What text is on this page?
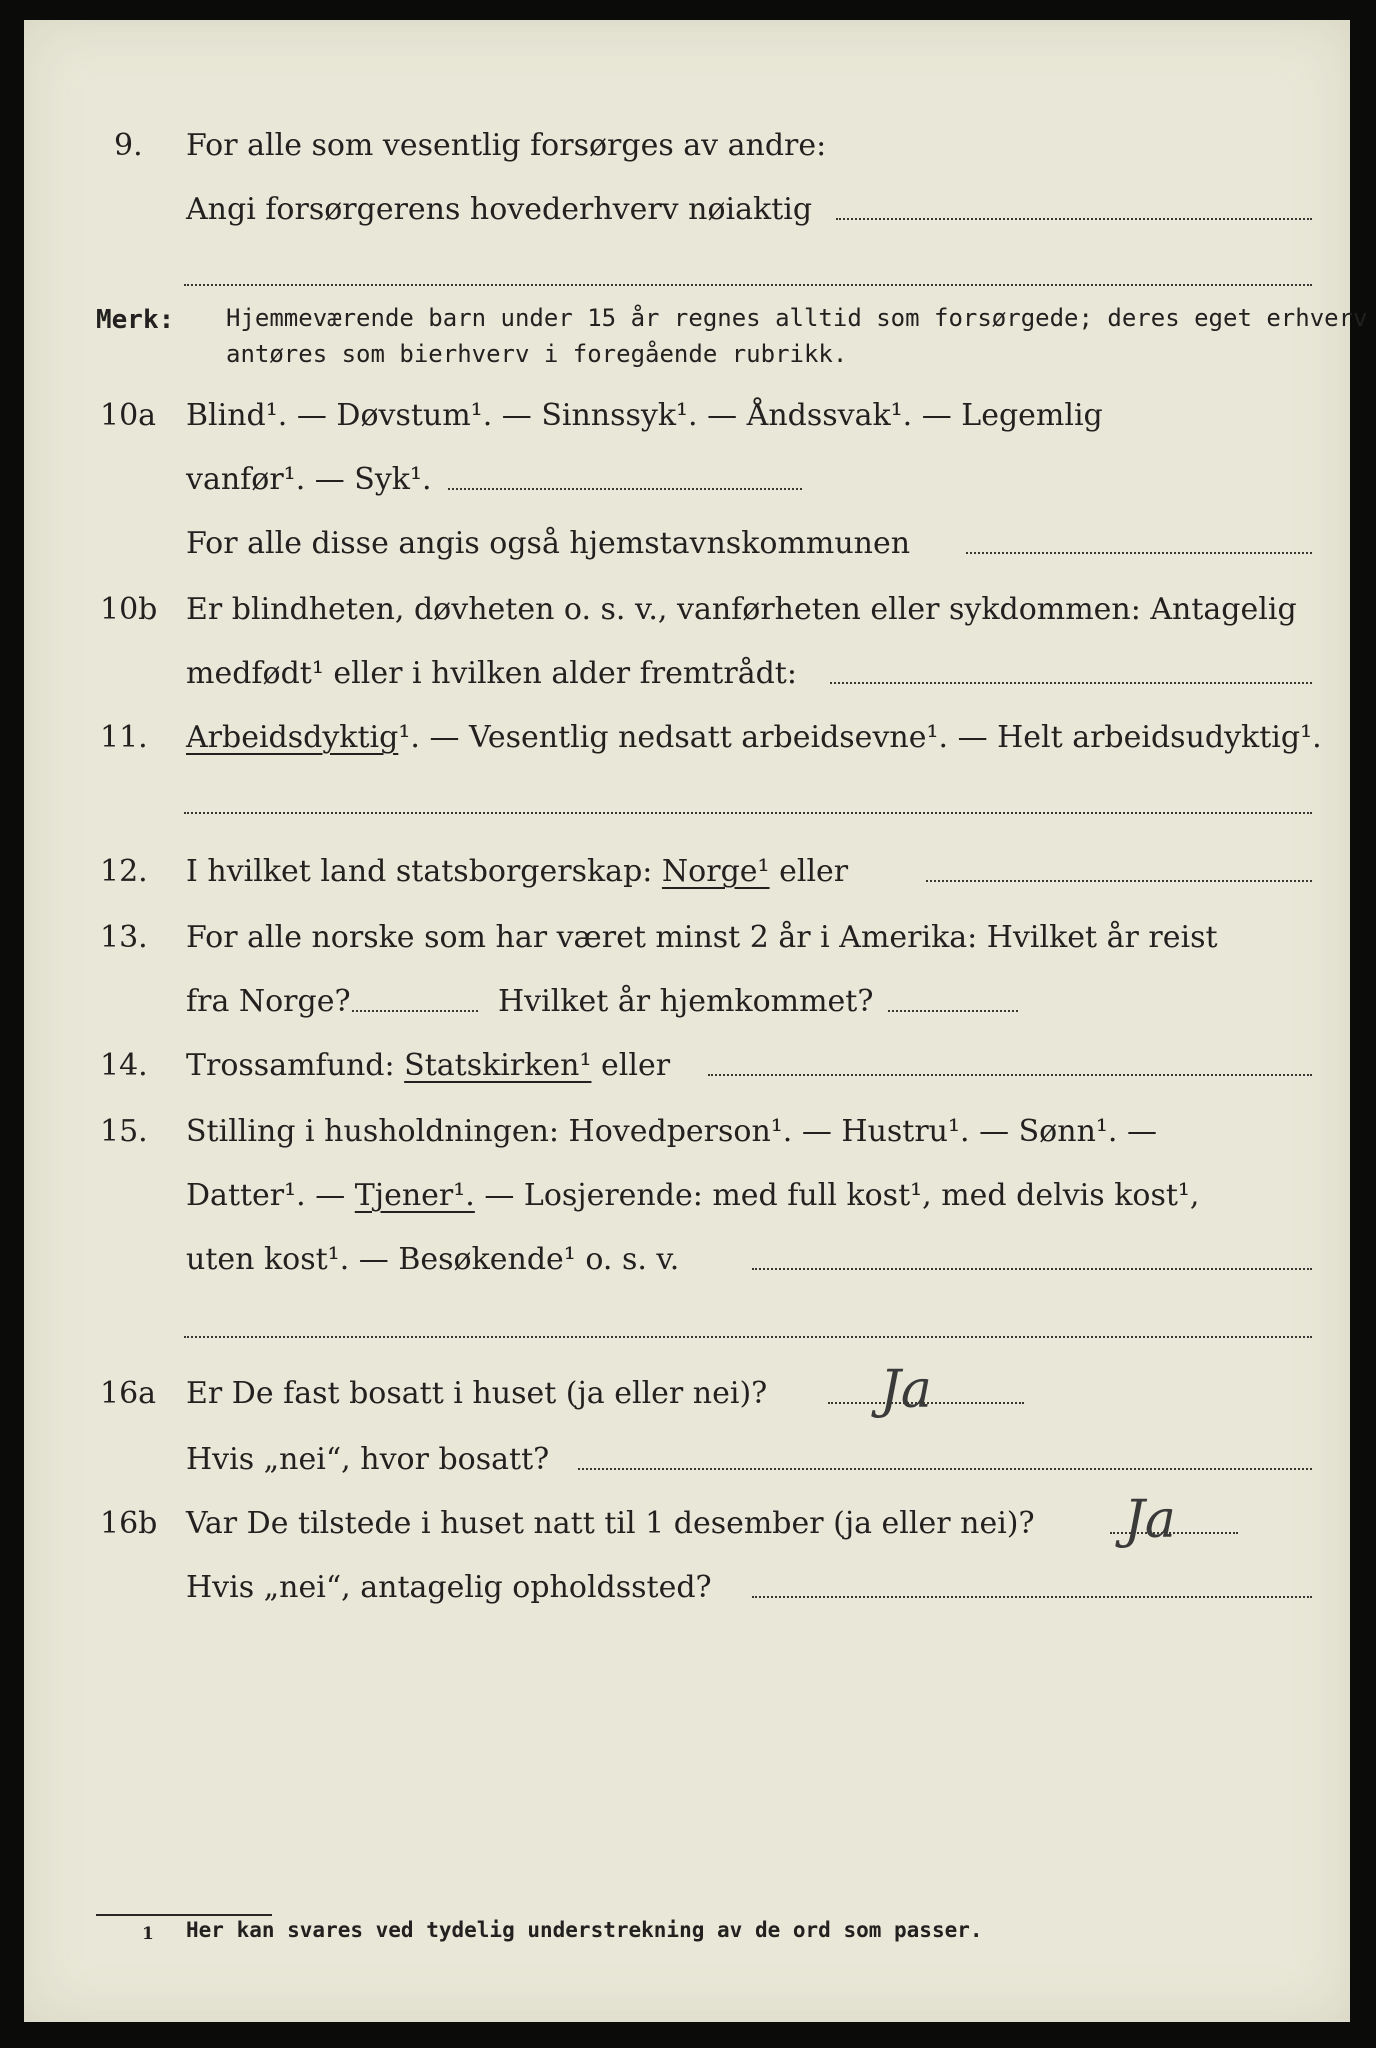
9. For alle som vesentlig forsørges av andre:
Angi forsørgerens hovederhverv nøiaktig
Merk: Hjemmeværende barn under 15 år regnes alltid som forsørgede; deres eget erhverv
antøres som bierhverv i foregående rubrikk.
10a Blind¹. — Døvstum¹. — Sinnssyk¹. — Åndssvak¹. — Legemlig
vanfør¹. — Syk¹.
For alle disse angis også hjemstavnskommunen
10b Er blindheten, døvheten o. s. v., vanførheten eller sykdommen: Antagelig
medfødt¹ eller i hvilken alder fremtrådt:
11. Arbeidsdyktig¹. — Vesentlig nedsatt arbeidsevne¹. — Helt arbeidsudyktig¹.
12. I hvilket land statsborgerskap: Norge¹ eller
13. For alle norske som har været minst 2 år i Amerika: Hvilket år reist
fra Norge?	Hvilket år hjemkommet?
14. Trossamfund: Statskirken¹ eller
15. Stilling i husholdningen: Hovedperson¹. — Hustru¹. — Sønn¹. —
Datter¹. — Tjener¹. — Losjerende: med full kost¹, med delvis kost¹,
uten kost¹. — Besøkende¹ o. s. v.
16a Er De fast bosatt i huset (ja eller nei)? Ja
Hvis „nei“, hvor bosatt?
16b Var De tilstede i huset natt til 1 desember (ja eller nei)? Ja
Hvis „nei“, antagelig opholdssted?
1 Her kan svares ved tydelig understrekning av de ord som passer.
